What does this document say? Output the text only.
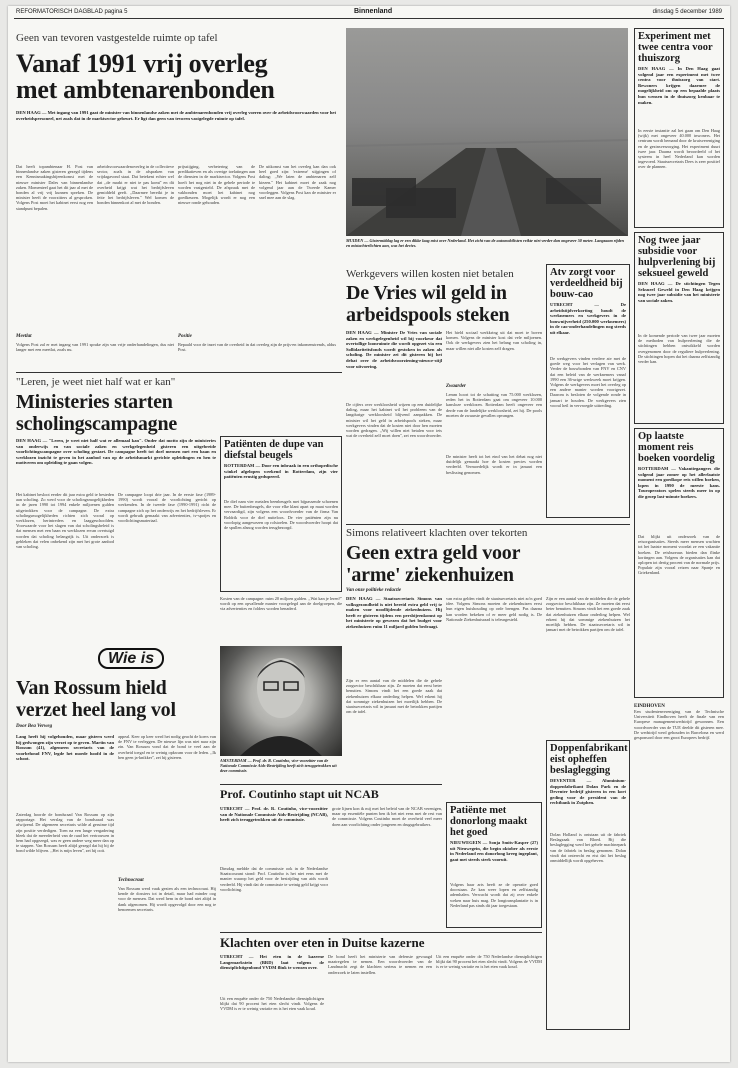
REFORMATORISCH DAGBLAD pagina 5	Binnenland	dinsdag 5 december 1989
Geen van tevoren vastgestelde ruimte op tafel
Vanaf 1991 vrij overleg
met ambtenarenbonden
DEN HAAG — Met ingang van 1991 gaat de minister van binnenlandse zaken met de ambtenarenbonden vrij overleg voeren over de arbeidsvoorwaarden voor het overheidspersoneel, net zoals dat in de marktsector gebeurt. Er ligt dan geen van tevoren vastgelegde ruimte op tafel.
Dat heeft topambtenaar H. Post van binnenlandse zaken gisteren gezegd tijdens een Kennismakingsbijeenkomst met de nieuwe minister Dales van binnenlandse zaken. Momenteel gaat het dit jaar al met de bonden al vrij vrij kunnen spreken. De minister heeft de voorzitters al gesproken. Volgens Post moet het kabinet eerst nog een standpunt bepalen.
arbeidsvoorwaardenoverleg in de collectieve sector, zoals in de afspraken van vrijdagavond staat. Dat betekent echter wel dat ,,de markt er niet te pas komt'' en dit overheid krijgt wat het bedrijfsleven gemiddeld geeft. ,,Daarmee bereikt je in feite het bedrijfsleven.'' Wel komen de bonden binnenkort al met de bonden.
prijsstijging, verbetering van de predikatieven en als overige toelatingen aan de diensten in de marktsector. Volgens Post hoeft het nog niet in de gehele periode te worden vastgesteld. De afspraak met de vakbonden moet het kabinet nog goedkeuren. Mogelijk wordt er nog een nieuwe ronde gehouden.
De uitkomst van het overleg kan dan ook heel goed zijn: 'extreme' stijgingen of daling; ,,We laten de ambtenaren zelf kiezen.'' Het kabinet moet de zaak nog volgend jaar aan de Tweede Kamer voorleggen. Volgens Post kan de minister er snel mee aan de slag.
Meetlat
Volgens Post zal er met ingang van 1991 sprake zijn van vrije onderhandelingen, dus niet langer met een meetlat, zoals nu.
Positie
Bepaald voor de inzet van de overheid in dat overleg zijn de prijs-en inkomenstrends, aldus Post.
MUIDEN — Gistermiddag lag er een dikke laag mist over Nederland. Het zicht van de automobilisten reikte niet verder dan ongeveer 50 meter. Langzaam rijden en mistachterlichten aan, was het devies.
Experiment met twee centra voor thuiszorg
DEN HAAG — In Den Haag gaat volgend jaar een experiment met twee centra voor thuiszorg van start. Bewoners krijgen daarmee de mogelijkheid om op een bepaalde plaats hun wensen in de thuiszorg kenbaar te maken.
In eerste instantie zal het gaan om Den Haag (wijk) met ongeveer 40.000 inwoners. Het centrum wordt bemand door de kruisvereniging en de gezinsverzorging. Het experiment duurt twee jaar. Daarna wordt beoordeeld of het systeem in heel Nederland kan worden ingevoerd. Staatssecretaris Dees is zeer positief over de plannen.
Nog twee jaar subsidie voor hulpverlening bij seksueel geweld
DEN HAAG — De stichtingen Tegen Seksueel Geweld in Den Haag krijgen nog twee jaar subsidie van het ministerie van sociale zaken.
In de komende periode van twee jaar moeten de methoden van hulpverlening die de stichtingen hebben ontwikkeld worden overgenomen door de reguliere hulpverlening. De stichtingen hopen dat het daarna zelfstandig verder kan.
Op laatste moment reis boeken voordelig
ROTTERDAM — Vakantiegangers die volgend jaar zomer op het allerlaatste moment een goedkope reis willen boeken, lopen in 1990 de meeste kans. Touroperators spelen steeds meer in op die groep last-minute boekers.
Dat blijkt uit onderzoek van de reisorganisaties. Steeds meer mensen wachten tot het laatste moment voordat ze een vakantie boeken. De reisbureaus bieden dan flinke kortingen aan. Volgens de organisaties kan dat oplopen tot dertig procent van de normale prijs. Populair zijn vooral reizen naar Spanje en Griekenland.
EINDHOVEN
Een studentenvereniging van de Technische Universiteit Eindhoven heeft de finale van een Europese managementwedstrijd gewonnen. Een woordvoerder van de TUE deelde dit gisteren mee. De wedstrijd werd gehouden in Barcelona en werd gesponsord door een groot Europees bedrijf.
Atv zorgt voor verdeeldheid bij bouw-cao
UTRECHT — De arbeidstijdverkorting houdt de werknemers en werkgevers in de bouwnijverheid (250.000 werknemers) in de cao-onderhandelingen nog steeds uit elkaar.
De werkgevers vinden verdere atv met de goede weg voor het verlagen van werk. Verder de bouwbonden van FNV en CNV dat een beleid van de werknemers vanaf 1990 een 36-urige werkweek moet krijgen. Volgens de werkgevers moet het overleg op een andere manier worden voortgezet. Daarom is besloten de volgende ronde in januari te houden. De werkgevers zien vooral heil in vervroegde uittreding.
Werkgevers willen kosten niet betalen
De Vries wil geld in
arbeidspools steken
DEN HAAG — Minister De Vries van sociale zaken en werkgelegenheid wil bij voorkeur dat overtollige loonruimte die wordt opgezet via een Sollidariteitsfonds wordt gestoken in zaken als scholing. De minister zei dit gisteren bij het debat over de arbeidsvoorziening-nieuwe-stijl voor uitvoering.
De cijfers over werkloosheid wijzen op een duidelijke daling, maar het kabinet wil het probleem van de langdurige werkloosheid blijvend aanpakken. De minister wil het geld in arbeidspools steken, maar werkgevers vinden dat de kosten niet door hen moeten worden gedragen. ,,Wij willen niet betalen voor iets wat de overheid zelf moet doen'', zei een woordvoerder.
Het hield sociaal werkkring uit dat moet te boven komen. Volgens de minister kost dat vele miljoenen. Ook de werkgevers zien het belang van scholing in, maar willen niet alle kosten zelf dragen.
Zwaarder
Lemm hoort tot de schatting van 75.000 werklozen, reden het in Rotterdam gaat om ongeveer 10.000 kansloze werklozen. Rotterdam heeft ongeveer een derde van de landelijke werkloosheid, zei hij. De pools moeten de zwaarste gevallen opvangen.
De minister heeft tot het eind van het debat nog niet duidelijk gemaakt hoe de kosten precies worden verdeeld. Vermoedelijk wordt er in januari een beslissing genomen.
"Leren, je weet niet half wat er kan"
Ministeries starten
scholingscampagne
DEN HAAG — "Leren, je weet niet half wat er allemaal kan". Onder dat motto zijn de ministeries van onderwijs en van sociale zaken en werkgelegenheid gisteren een uitgebreide voorlichtingscampagne over scholing gestart. De campagne heeft tot doel mensen met een baan en werklozen inzicht te geven in het aanbod van op de arbeidsmarkt gerichte opleidingen en hen te motiveren om opleiding te gaan volgen.
Het kabinet besloot eerder dit jaar extra geld te besteden aan scholing. Zo werd voor de scholingsmogelijkheden in de jaren 1990 tot 1994 enkele miljoenen gulden uitgetrokken voor de campagne. De extra scholingsmogelijkheden richten zich vooral op werklozen, herintreders en laaggeschoolden. Voorwaarde voor het slagen van dat scholingsbeleid is dat mensen met een baan en werklozen ervan overtuigd worden dat scholing belangrijk is. Uit onderzoek is gebleken dat velen onbekend zijn met het grote aanbod van scholing.
De campagne loopt drie jaar. In de eerste fase (1989-1990) wordt vooral de voorlichting gericht op werkenden. In de tweede fase (1990-1991) richt de campagne zich op het onderwijs en het bedrijfsleven. Er wordt gebruik gemaakt van advertenties, tv-spotjes en voorlichtingsmateriaal.
Patiënten de dupe van diefstal beugels
ROTTERDAM — Door een inbraak in een orthopedische winkel afgelopen weekend in Rotterdam, zijn vier patiënten ernstig gedupeerd.
De dief nam vier metalen beenbeugels met bijpassende schoenen mee. De buitenbeugels, die voor elke klant apart op maat worden vervaardigd, zijn volgens een woordvoerder van de firma Van Boldrik voor de dief nutteloos. De vier patiënten zijn nu voorlopig aangewezen op rolstoelen. De woordvoerder hoopt dat de spullen alsnog worden terugbezorgd.
Kosten van de campagne: ruim 20 miljoen gulden. ,,Wat kan je leren?'' wordt op een opvallende manier voorgelegd aan de doelgroepen, die via advertenties en folders worden benaderd.
Simons relativeert klachten over tekorten
Geen extra geld voor
'arme' ziekenhuizen
Van onze politieke redactie
DEN HAAG — Staatssecretaris Simons van volksgezondheid is niet bereid extra geld vrij te maken voor noodlijdende ziekenhuizen. Hij heeft er gisteren tijdens een persbijeenkomst op het ministerie op gewezen dat het budget voor ziekenhuizen ruim 11 miljard gulden bedraagt.
Zijn er een aantal van de middelen die de gehele zorgsector beschikbaar zijn. Ze moeten dat eerst beter benutten. Simons vindt het een goede zaak dat ziekenhuizen elkaar onderling helpen. Wel erkent hij dat sommige ziekenhuizen het moeilijk hebben. De staatssecretaris wil in januari met de betrokken partijen om de tafel.
van extra gelden vindt de staatssecretaris niet zo'n goed idee. Volgens Simons moeten de ziekenhuizen eerst hun eigen huishouding op orde brengen. Pas daarna kan worden bekeken of er meer geld nodig is. De Nationale Ziekenhuisraad is teleurgesteld.
Zijn er een aantal van de middelen die de gehele zorgsector beschikbaar zijn. Ze moeten dat eerst beter benutten. Simons vindt het een goede zaak dat ziekenhuizen elkaar onderling helpen. Wel erkent hij dat sommige ziekenhuizen het moeilijk hebben. De staatssecretaris wil in januari met de betrokken partijen om de tafel.
AMSTERDAM — Prof. dr. R. Coutinho, vice-voorzitter van de Nationale Commissie Aids-Bestrijding heeft zich teruggetrokken uit deze commissie.
Wie is
Van Rossum hield
verzet heel lang vol
Door Bea Verweg
Lang heeft hij volgehouden, maar gistern werd hij gedwongen zijn verzet op te geven. Martin van Rossum (41), algemeen secretaris van de voorbehoud FNV, legde het moede hoofd in de schoot.
Zaterdag hoorde de bondsraad Van Rossum op zijn rapportage. Het verslag van de bondsraad was afwijzend. De algemeen secretaris wilde al geruime tijd zijn positie verdedigen. Toen na een lange vergadering bleek dat de meerderheid van de raad het vertrouwen in hem had opgezegd, was er geen andere weg meer dan op te stappen. Van Rossum heeft altijd gezegd dat hij bij de bond wilde blijven. ,,Het is mijn leven'', zei hij ooit.
appeal. Keer op keer werd het nodig geacht de koers van de FNV te verleggen. De nieuwe lijn was niet naar zijn zin. Van Rossum vond dat de bond te veel aan de overheid toegaf en te weinig opkwam voor de leden. ,,Ik ben geen ja-knikker'', zei hij gisteren.
Technocraat
Van Rossum werd vaak gezien als een technocraat. Hij kende de dossiers tot in detail, maar had minder oog voor de mensen. Dat werd hem in de bond niet altijd in dank afgenomen. Hij wordt opgevolgd door een nog te benoemen secretaris.
Prof. Coutinho stapt uit NCAB
UTRECHT — Prof. dr. R. Coutinho, vice-voorzitter van de Nationale Commissie Aids-Bestrijding (NCAB), heeft zich teruggetrokken uit de commissie.
Dinsdag meldde dat de commissie ook in de Nederlandse Staatscourant stond: Prof. Coutinho is het niet eens met de manier waarop het geld voor de bestrijding van aids wordt verdeeld. Hij vindt dat de commissie te weinig geld krijgt voor voorlichting.
grote lijnen kon ik mij met het beleid van de NCAB verenigen, maar op essentiële punten ben ik het niet eens met de rest van de commissie. Volgens Coutinho moet de overheid veel meer doen aan voorlichting onder jongeren en drugsgebruikers.
Patiënte met donorlong maakt het goed
NIEUWEGEIN — Sonja Smits-Kasper (27) uit Nieuwegein, die begin oktober als eerste in Nederland een donorlong kreeg ingeplant, gaat met steeds sterk vooruit.
Volgens haar arts heeft ze de operatie goed doorstaan. Ze kan weer lopen en zelfstandig ademhalen. Verwacht wordt dat zij over enkele weken naar huis mag. De longtransplantatie is in Nederland pas sinds dit jaar toegestaan.
Doppenfabrikant eist opheffen beslaglegging
DEVENTER — Aluminium-doppenfabrikant Dolan Park en de Deventer bedrijf gisteren in een kort geding voor de president van de rechtbank in Zutphen.
Dolan Holland is ontstaan uit de fabriek Beslagzaak van Bloed. Bij die beslaglegging werd het gehele machinepark van de fabriek in beslag genomen. Dolan vindt dat onterecht en eist dat het beslag onmiddellijk wordt opgeheven.
Klachten over eten in Duitse kazerne
UTRECHT — Het eten in de kazerne Langemarkstein (BRD) laat volgens de dienstplichtigenbond VVDM flink te wensen over.
Uit een enquête onder de 750 Nederlandse dienstplichtigen blijkt dat 90 procent het eten slecht vindt. Volgens de VVDM is er te weinig variatie en is het eten vaak koud.
De bond heeft het ministerie van defensie gevraagd maatregelen te nemen. Een woordvoerder van de Landmacht zegt de klachten serieus te nemen en een onderzoek te laten instellen.
Uit een enquête onder de 750 Nederlandse dienstplichtigen blijkt dat 90 procent het eten slecht vindt. Volgens de VVDM is er te weinig variatie en is het eten vaak koud.
